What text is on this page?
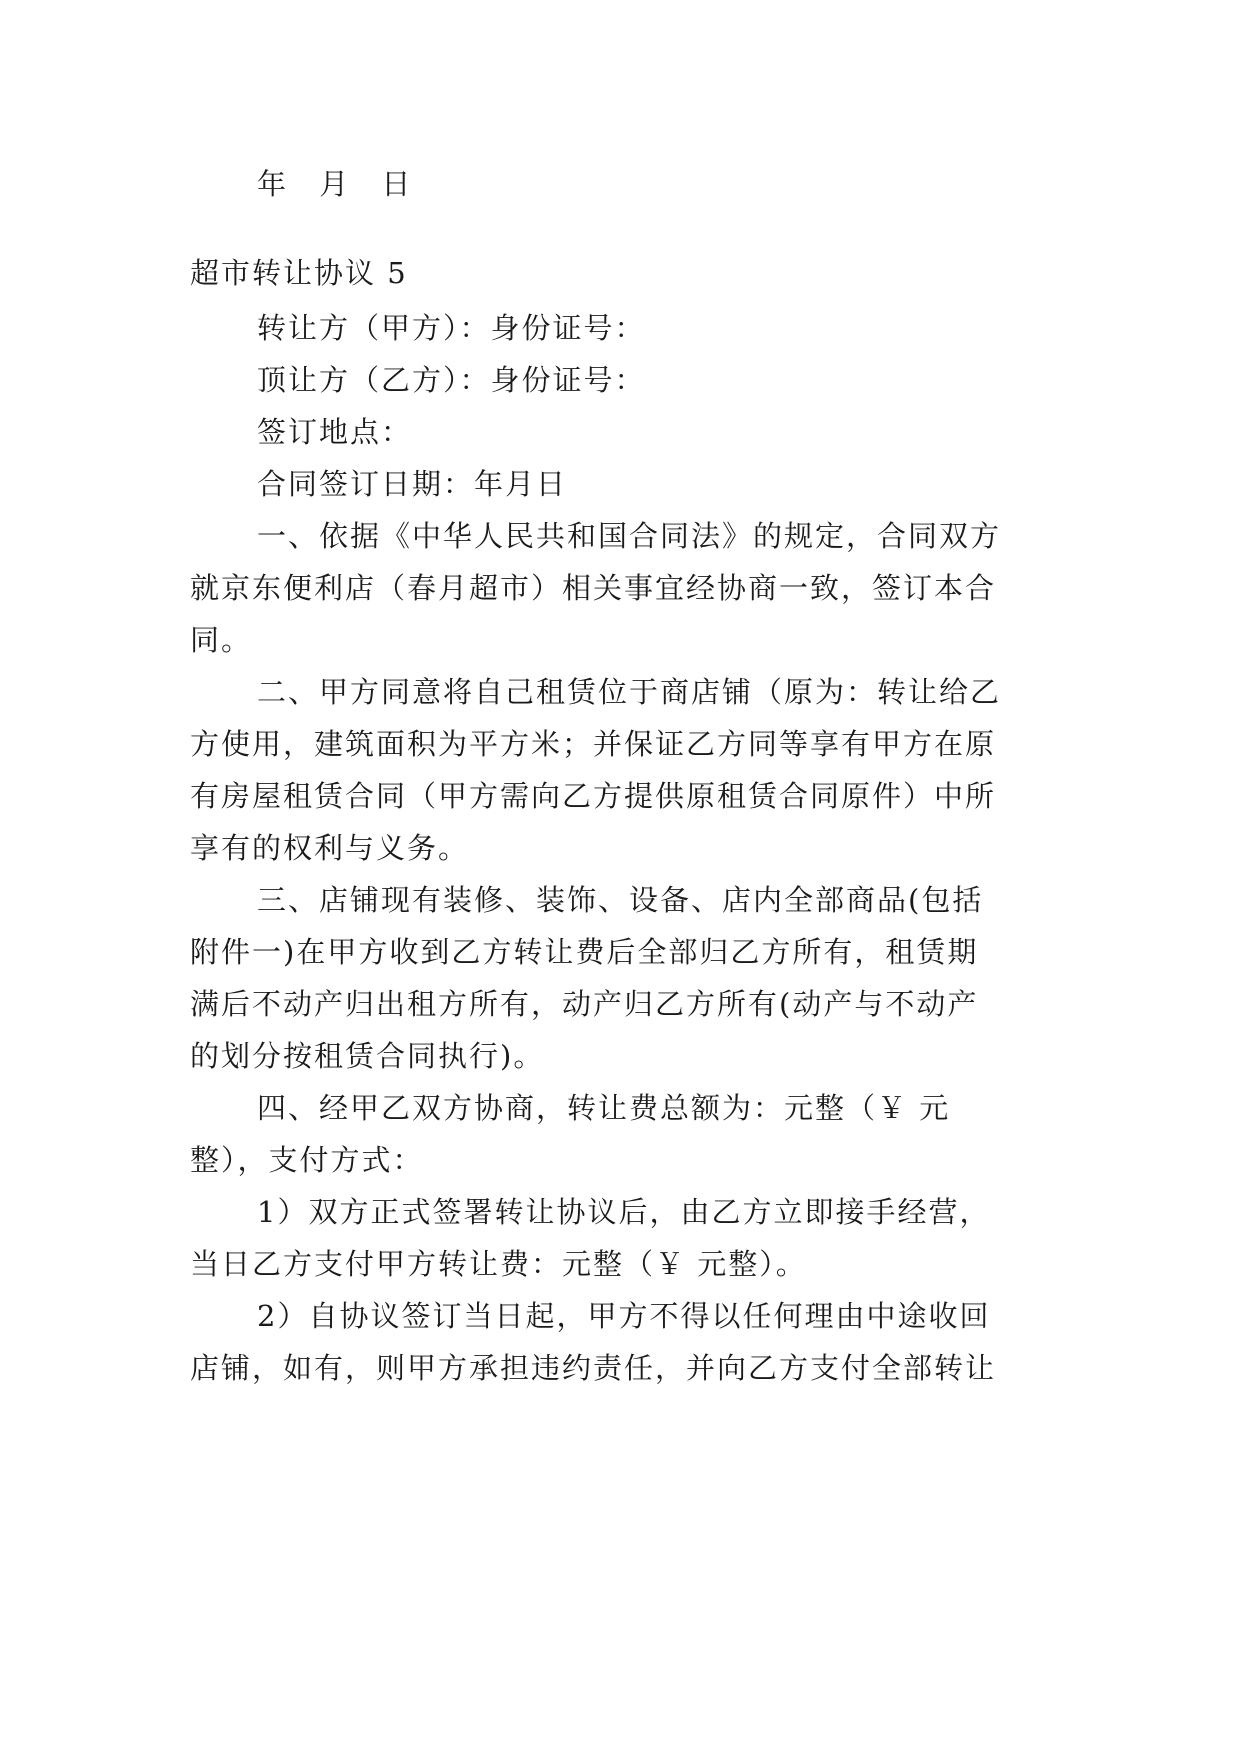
年 月 日
超市转让协议 5
转让方（甲方）：身份证号：
顶让方（乙方）：身份证号：
签订地点：
合同签订日期：年月日
一、依据《中华人民共和国合同法》的规定，合同双方
就京东便利店（春月超市）相关事宜经协商一致，签订本合
同。
二、甲方同意将自己租赁位于商店铺（原为：转让给乙
方使用，建筑面积为平方米；并保证乙方同等享有甲方在原
有房屋租赁合同（甲方需向乙方提供原租赁合同原件）中所
享有的权利与义务。
三、店铺现有装修、装饰、设备、店内全部商品(包括
附件一)在甲方收到乙方转让费后全部归乙方所有，租赁期
满后不动产归出租方所有，动产归乙方所有(动产与不动产
的划分按租赁合同执行)。
四、经甲乙双方协商，转让费总额为：元整（￥ 元
整），支付方式：
1）双方正式签署转让协议后，由乙方立即接手经营，
当日乙方支付甲方转让费：元整（￥ 元整）。
2）自协议签订当日起，甲方不得以任何理由中途收回
店铺，如有，则甲方承担违约责任，并向乙方支付全部转让
